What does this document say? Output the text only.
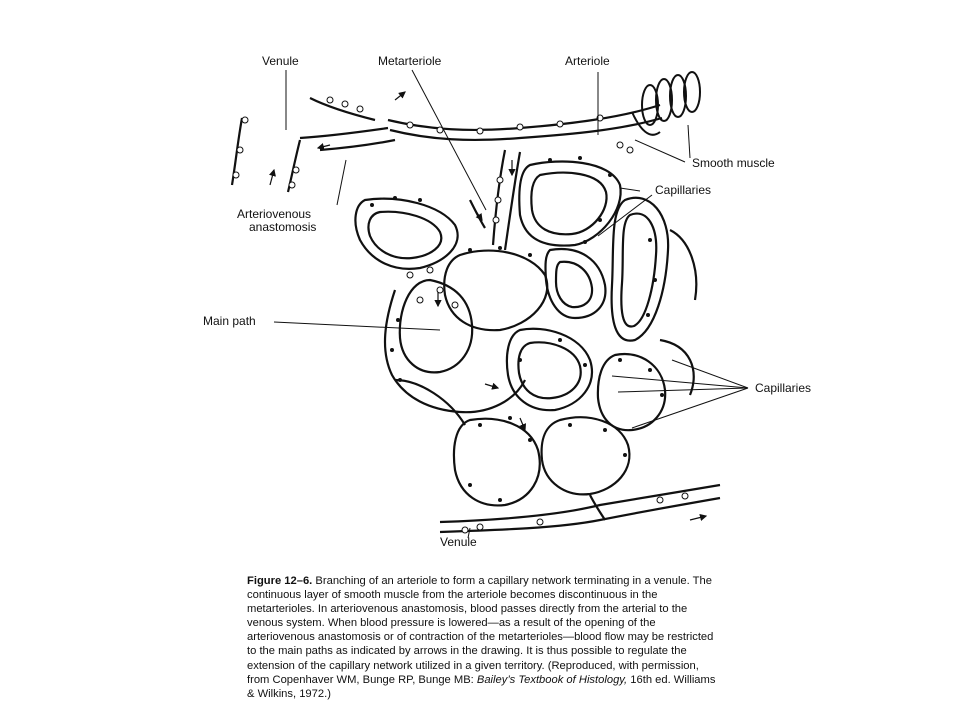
Venule	Metarteriole	Arteriole
Smooth muscle
Capillaries
Arteriovenous
anastomosis
Main path
Capillaries
Venule
Figure 12–6. Branching of an arteriole to form a capillary network terminating in a venule. The continuous layer of smooth muscle from the arteriole becomes discontinuous in the metarterioles. In arteriovenous anastomosis, blood passes directly from the arterial to the venous system. When blood pressure is lowered—as a result of the opening of the arteriovenous anastomosis or of contraction of the metarterioles—blood flow may be restricted to the main paths as indicated by arrows in the drawing. It is thus possible to regulate the extension of the capillary network utilized in a given territory. (Reproduced, with permission, from Copenhaver WM, Bunge RP, Bunge MB: Bailey’s Textbook of Histology, 16th ed. Williams & Wilkins, 1972.)
